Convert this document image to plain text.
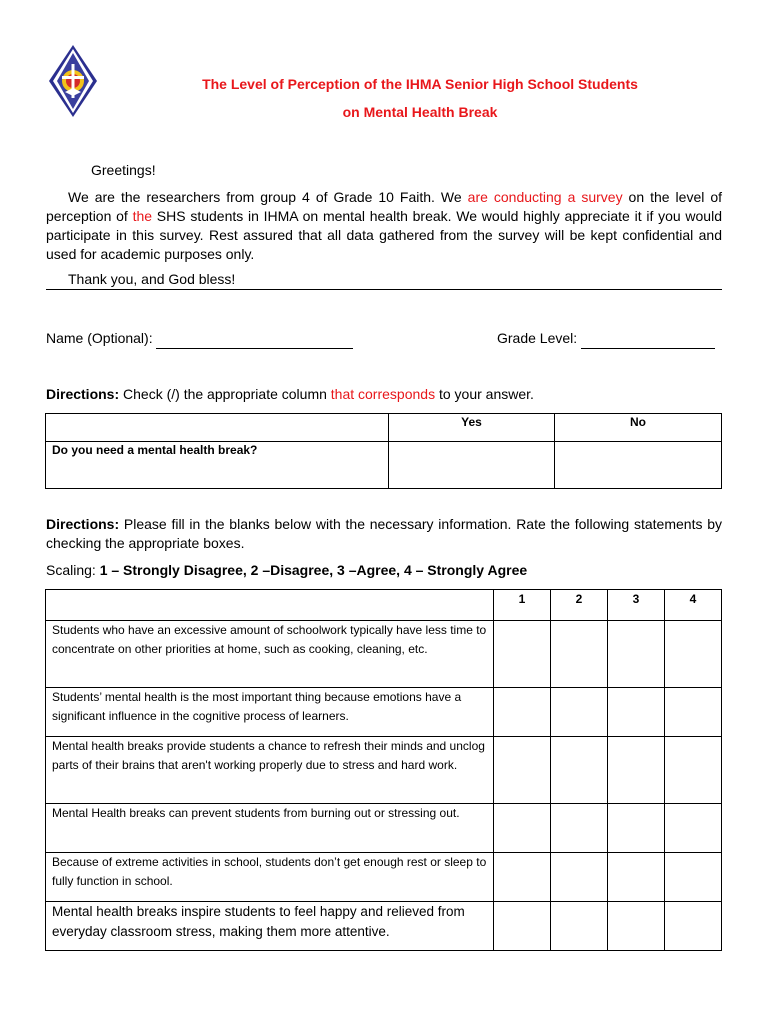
The Level of Perception of the IHMA Senior High School Students
on Mental Health Break
Greetings!

We are the researchers from group 4 of Grade 10 Faith. We are conducting a survey on the level of perception of the SHS students in IHMA on mental health break. We would highly appreciate it if you would participate in this survey. Rest assured that all data gathered from the survey will be kept confidential and used for academic purposes only.

Thank you, and God bless!
Name (Optional):	Grade Level:
Directions: Check (/) the appropriate column that corresponds to your answer.
	Yes	No
Do you need a mental health break?		
Directions: Please fill in the blanks below with the necessary information. Rate the following statements by checking the appropriate boxes.
Scaling: 1 – Strongly Disagree, 2 –Disagree, 3 –Agree, 4 – Strongly Agree
	1	2	3	4
Students who have an excessive amount of schoolwork typically have less time to concentrate on other priorities at home, such as cooking, cleaning, etc.				
Students’ mental health is the most important thing because emotions have a significant influence in the cognitive process of learners.				
Mental health breaks provide students a chance to refresh their minds and unclog parts of their brains that aren't working properly due to stress and hard work.				
Mental Health breaks can prevent students from burning out or stressing out.				
Because of extreme activities in school, students don’t get enough rest or sleep to fully function in school.				
Mental health breaks inspire students to feel happy and relieved from everyday classroom stress, making them more attentive.				
